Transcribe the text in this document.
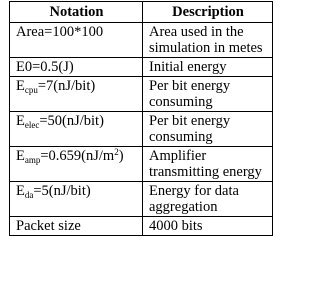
Notation	Description
Area=100*100	Area used in the simulation in metes
E0=0.5(J)	Initial energy
$E_{cpu}=7(nJ/bit)$	Per bit energy consuming
$E_{elec}=50(nJ/bit)$	Per bit energy consuming
$E_{amp}=0.659(nJ/m^2)$	Amplifier transmitting energy
$E_{da}=5(nJ/bit)$	Energy for data aggregation
Packet size	4000 bits
